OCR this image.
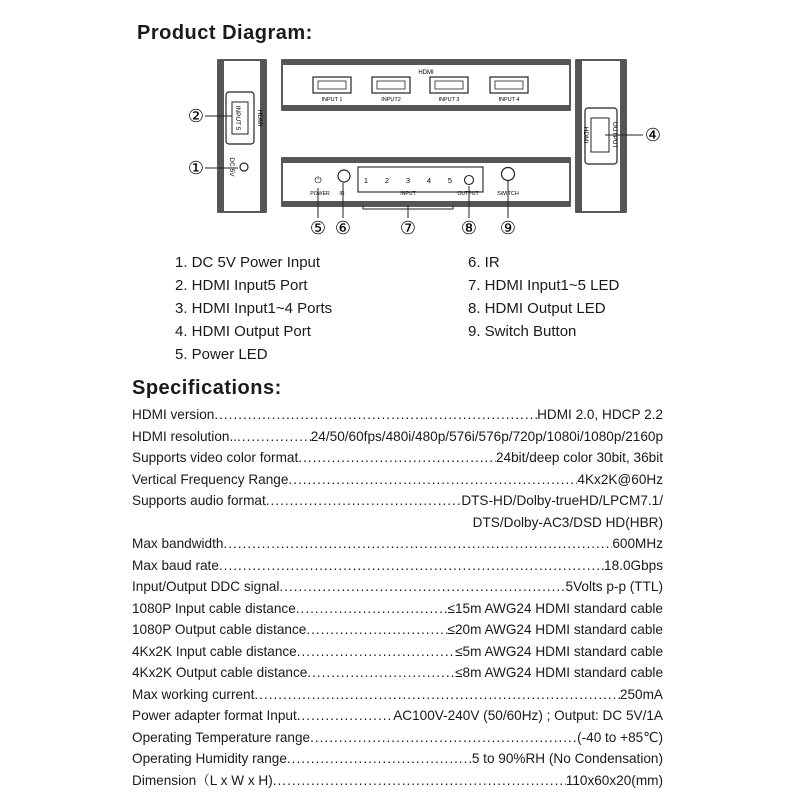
Product Diagram:
INPUT 5 HDMI
DC 5V
HDMI
INPUT 1	INPUT2	INPUT 3	INPUT 4
HDMI	OUTPUT
⏻
POWER IR
1 2 3 4 5
INPUT	OUTPUT	SWITCH
②
①
④
⑤ ⑥	⑦ ⑧ ⑨
1. DC 5V Power Input
2. HDMI Input5 Port
3. HDMI Input1~4 Ports
4. HDMI Output Port
5. Power LED
6. IR
7. HDMI Input1~5 LED
8. HDMI Output LED
9. Switch Button
Specifications:
HDMI version .....	HDMI 2.0, HDCP 2.2
HDMI resolution.. .....	24/50/60fps/480i/480p/576i/576p/720p/1080i/1080p/2160p
Supports video color format .....	24bit/deep color 30bit, 36bit
Vertical Frequency Range .....	4Kx2K@60Hz
Supports audio format .....	DTS-HD/Dolby-trueHD/LPCM7.1/
DTS/Dolby-AC3/DSD HD(HBR)
Max bandwidth .....	600MHz
Max baud rate .....	18.0Gbps
Input/Output DDC signal .....	5Volts p-p (TTL)
1080P Input cable distance .....	≤15m AWG24 HDMI standard cable
1080P Output cable distance .....	≤20m AWG24 HDMI standard cable
4Kx2K Input cable distance .....	≤5m AWG24 HDMI standard cable
4Kx2K Output cable distance .....	≤8m AWG24 HDMI standard cable
Max working current .....	250mA
Power adapter format Input .....	AC100V-240V (50/60Hz) ; Output: DC 5V/1A
Operating Temperature range .....	(-40 to +85℃)
Operating Humidity range .....	5 to 90%RH (No Condensation)
Dimension（L x W x H) .....	110x60x20(mm)
